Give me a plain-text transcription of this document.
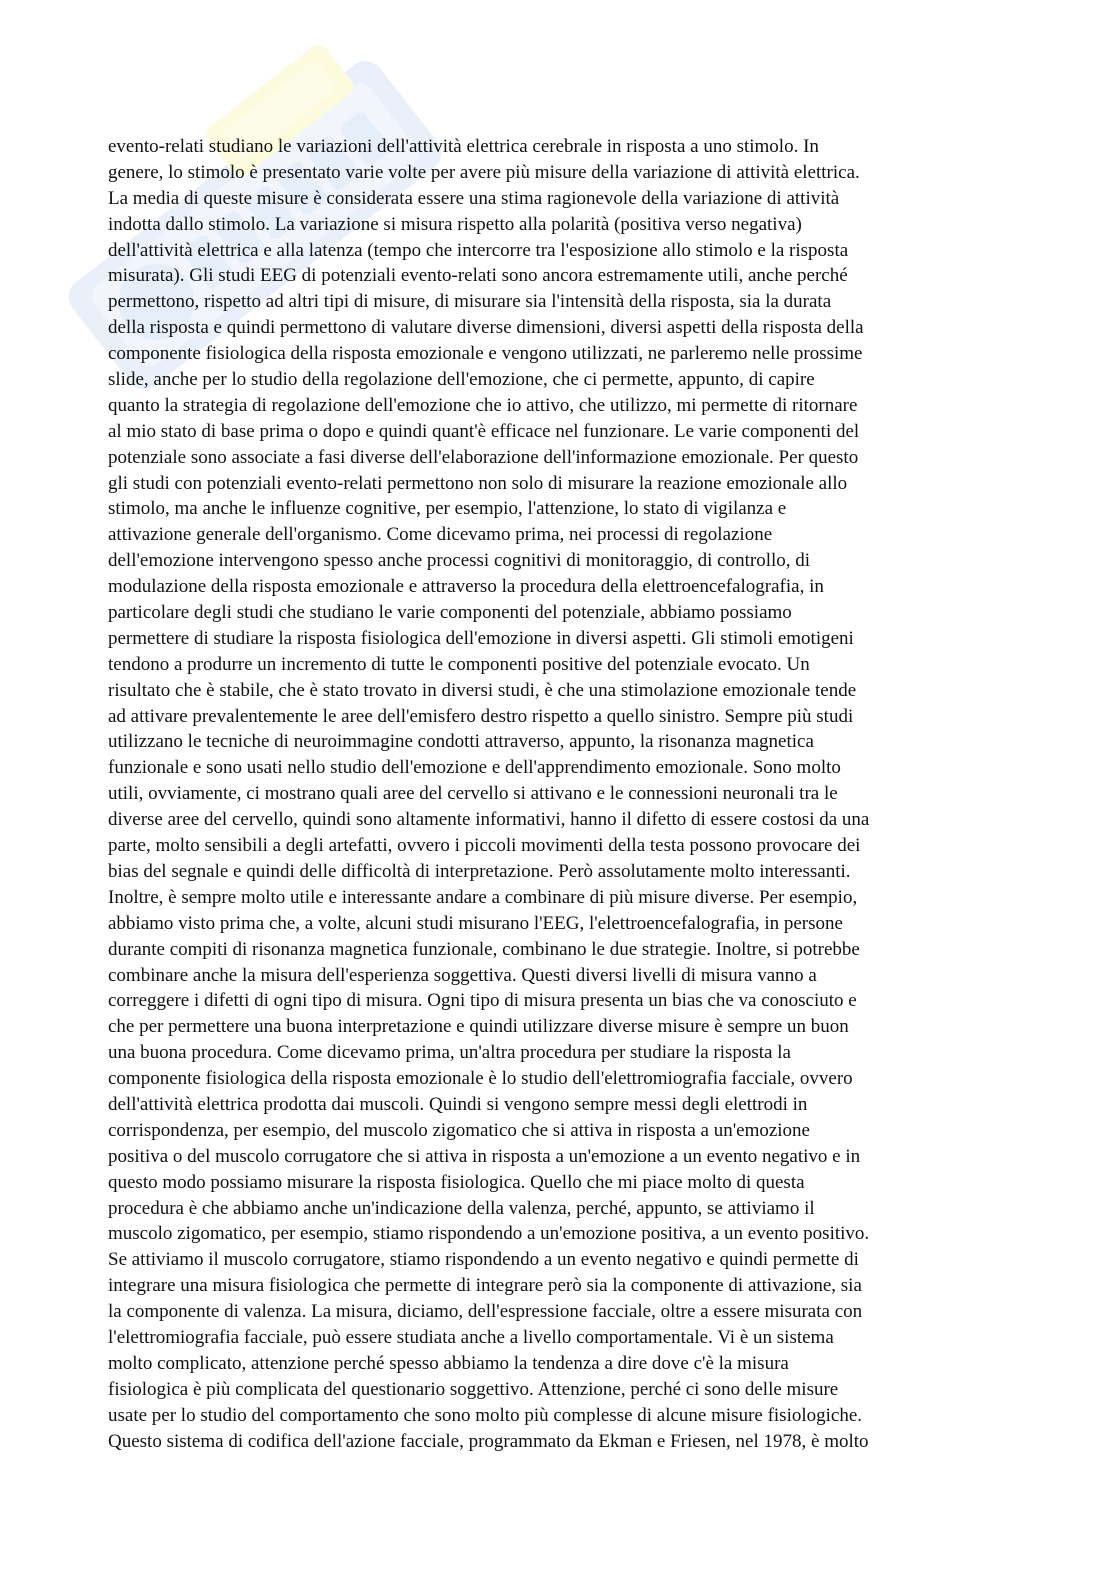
evento-relati studiano le variazioni dell'attività elettrica cerebrale in risposta a uno stimolo. In
genere, lo stimolo è presentato varie volte per avere più misure della variazione di attività elettrica.
La media di queste misure è considerata essere una stima ragionevole della variazione di attività
indotta dallo stimolo. La variazione si misura rispetto alla polarità (positiva verso negativa)
dell'attività elettrica e alla latenza (tempo che intercorre tra l'esposizione allo stimolo e la risposta
misurata). Gli studi EEG di potenziali evento-relati sono ancora estremamente utili, anche perché
permettono, rispetto ad altri tipi di misure, di misurare sia l'intensità della risposta, sia la durata
della risposta e quindi permettono di valutare diverse dimensioni, diversi aspetti della risposta della
componente fisiologica della risposta emozionale e vengono utilizzati, ne parleremo nelle prossime
slide, anche per lo studio della regolazione dell'emozione, che ci permette, appunto, di capire
quanto la strategia di regolazione dell'emozione che io attivo, che utilizzo, mi permette di ritornare
al mio stato di base prima o dopo e quindi quant'è efficace nel funzionare. Le varie componenti del
potenziale sono associate a fasi diverse dell'elaborazione dell'informazione emozionale. Per questo
gli studi con potenziali evento-relati permettono non solo di misurare la reazione emozionale allo
stimolo, ma anche le influenze cognitive, per esempio, l'attenzione, lo stato di vigilanza e
attivazione generale dell'organismo. Come dicevamo prima, nei processi di regolazione
dell'emozione intervengono spesso anche processi cognitivi di monitoraggio, di controllo, di
modulazione della risposta emozionale e attraverso la procedura della elettroencefalografia, in
particolare degli studi che studiano le varie componenti del potenziale, abbiamo possiamo
permettere di studiare la risposta fisiologica dell'emozione in diversi aspetti. Gli stimoli emotigeni
tendono a produrre un incremento di tutte le componenti positive del potenziale evocato. Un
risultato che è stabile, che è stato trovato in diversi studi, è che una stimolazione emozionale tende
ad attivare prevalentemente le aree dell'emisfero destro rispetto a quello sinistro. Sempre più studi
utilizzano le tecniche di neuroimmagine condotti attraverso, appunto, la risonanza magnetica
funzionale e sono usati nello studio dell'emozione e dell'apprendimento emozionale. Sono molto
utili, ovviamente, ci mostrano quali aree del cervello si attivano e le connessioni neuronali tra le
diverse aree del cervello, quindi sono altamente informativi, hanno il difetto di essere costosi da una
parte, molto sensibili a degli artefatti, ovvero i piccoli movimenti della testa possono provocare dei
bias del segnale e quindi delle difficoltà di interpretazione. Però assolutamente molto interessanti.
Inoltre, è sempre molto utile e interessante andare a combinare di più misure diverse. Per esempio,
abbiamo visto prima che, a volte, alcuni studi misurano l'EEG, l'elettroencefalografia, in persone
durante compiti di risonanza magnetica funzionale, combinano le due strategie. Inoltre, si potrebbe
combinare anche la misura dell'esperienza soggettiva. Questi diversi livelli di misura vanno a
correggere i difetti di ogni tipo di misura. Ogni tipo di misura presenta un bias che va conosciuto e
che per permettere una buona interpretazione e quindi utilizzare diverse misure è sempre un buon
una buona procedura. Come dicevamo prima, un'altra procedura per studiare la risposta la
componente fisiologica della risposta emozionale è lo studio dell'elettromiografia facciale, ovvero
dell'attività elettrica prodotta dai muscoli. Quindi si vengono sempre messi degli elettrodi in
corrispondenza, per esempio, del muscolo zigomatico che si attiva in risposta a un'emozione
positiva o del muscolo corrugatore che si attiva in risposta a un'emozione a un evento negativo e in
questo modo possiamo misurare la risposta fisiologica. Quello che mi piace molto di questa
procedura è che abbiamo anche un'indicazione della valenza, perché, appunto, se attiviamo il
muscolo zigomatico, per esempio, stiamo rispondendo a un'emozione positiva, a un evento positivo.
Se attiviamo il muscolo corrugatore, stiamo rispondendo a un evento negativo e quindi permette di
integrare una misura fisiologica che permette di integrare però sia la componente di attivazione, sia
la componente di valenza. La misura, diciamo, dell'espressione facciale, oltre a essere misurata con
l'elettromiografia facciale, può essere studiata anche a livello comportamentale. Vi è un sistema
molto complicato, attenzione perché spesso abbiamo la tendenza a dire dove c'è la misura
fisiologica è più complicata del questionario soggettivo. Attenzione, perché ci sono delle misure
usate per lo studio del comportamento che sono molto più complesse di alcune misure fisiologiche.
Questo sistema di codifica dell'azione facciale, programmato da Ekman e Friesen, nel 1978, è molto
